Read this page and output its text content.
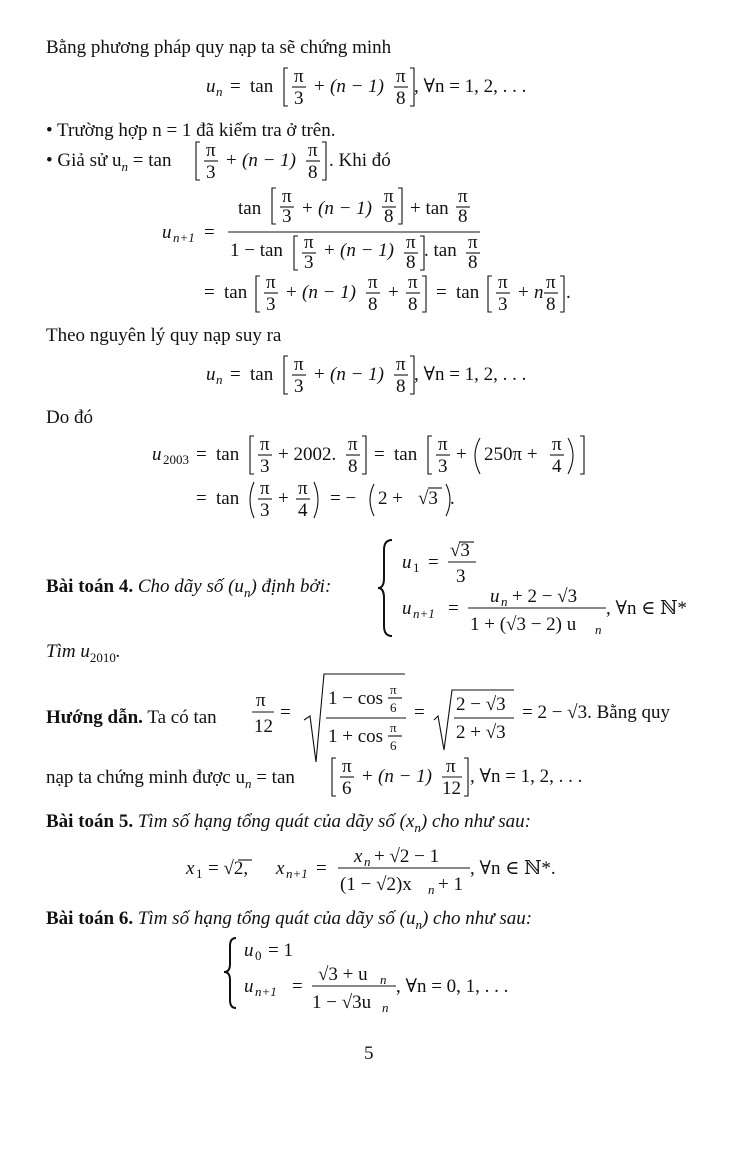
Bằng phương pháp quy nạp ta sẽ chứng minh
u n = tan π
3
+ (n − 1) π
8
, ∀n = 1, 2, . . .
• Trường hợp n = 1 đã kiểm tra ở trên.
• Giả sử $u_n = \tan \pi$
3
+ (n − 1) π
8
. Khi đó
u n+1 =
tan
π
3 + (n − 1)
π
8 + tan
π
8
1 − tan π
3
+ (n − 1) π
8
. tan π
8
= tan π
3
+ (n − 1) π
8
+ π
8
= tan π
3
+ n π
8
.
Theo nguyên lý quy nạp suy ra
u n = tan π
3
+ (n − 1) π
8
, ∀n = 1, 2, . . .
Do đó
u 2003 = tan π
3
+ 2002. π
8
= tan π
3
+ 250π + π
4
= tan π
3
+ π
4
= − 2 + √3 .
Bài toán 4. Cho dãy số $(u_n)$ định bởi:
u 1 =
√3
3
u n+1 =
u n + 2 − √3
1 + (√3 − 2) u n
, ∀n ∈ ℕ*
Tìm $u_{2010}$.
Hướng dẫn. Ta có tan
π
12
=
1 − cos π
6
1 + cos π
6
= 2 − √3
2 + √3
= 2 − √3. Bằng quy
nạp ta chứng minh được $u_n = \tan$
π
6
+ (n − 1) π
12
, ∀n = 1, 2, . . .
Bài toán 5. Tìm số hạng tổng quát của dãy số $(x_n)$ cho như sau:
x 1 = √2, x n+1 =
x n + √2 − 1
(1 − √2)x n + 1
, ∀n ∈ ℕ*.
Bài toán 6. Tìm số hạng tổng quát của dãy số $(u_n)$ cho như sau:
u 0 = 1
u n+1 =
√3 + u n
1 − √3u n
, ∀n = 0, 1, . . .
5
